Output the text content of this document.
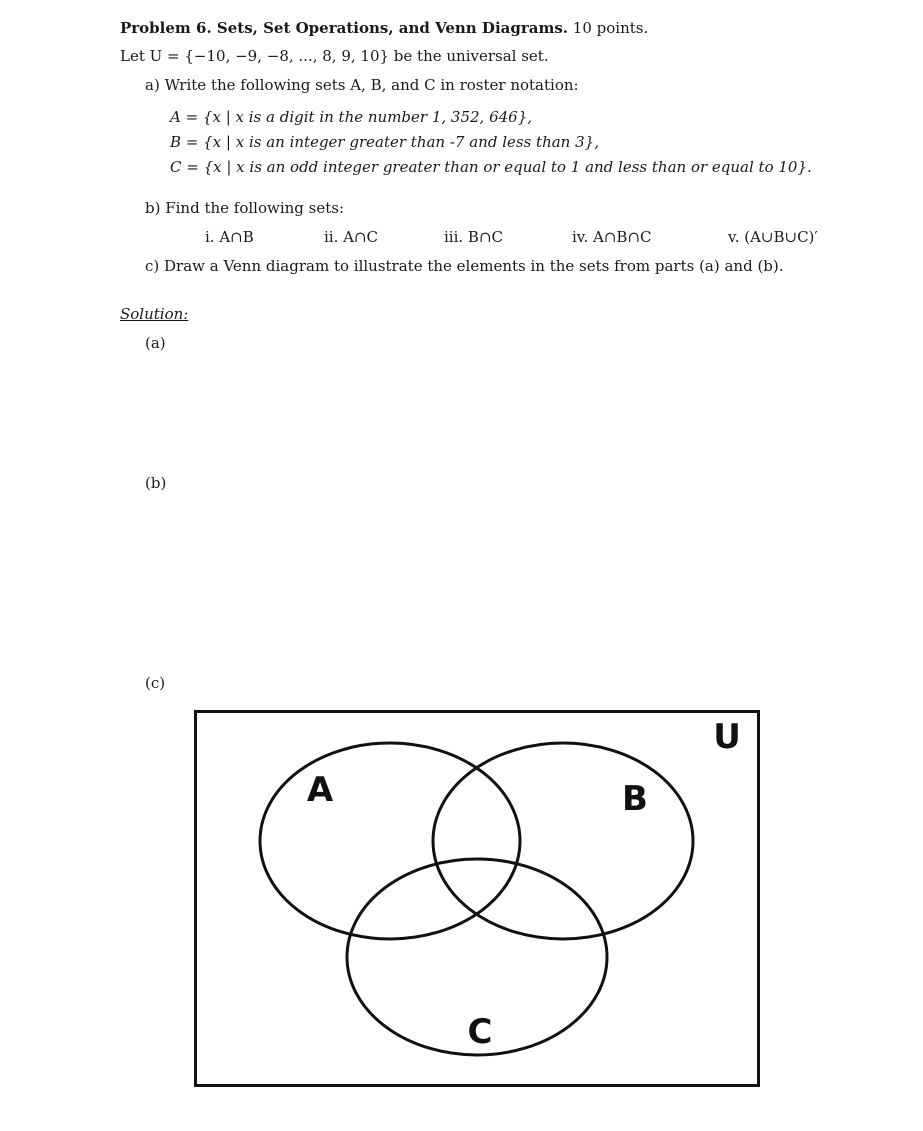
Problem 6. Sets, Set Operations, and Venn Diagrams. 10 points.
Let U = {−10, −9, −8, ..., 8, 9, 10} be the universal set.
a) Write the following sets A, B, and C in roster notation:
A = {x | x is a digit in the number 1, 352, 646},
B = {x | x is an integer greater than -7 and less than 3},
C = {x | x is an odd integer greater than or equal to 1 and less than or equal to 10}.
b) Find the following sets:
i. A∩B	ii. A∩C	iii. B∩C	iv. A∩B∩C	v. (A∪B∪C)′
c) Draw a Venn diagram to illustrate the elements in the sets from parts (a) and (b).
Solution:
(a)
(b)
(c)
U
A	B
C
